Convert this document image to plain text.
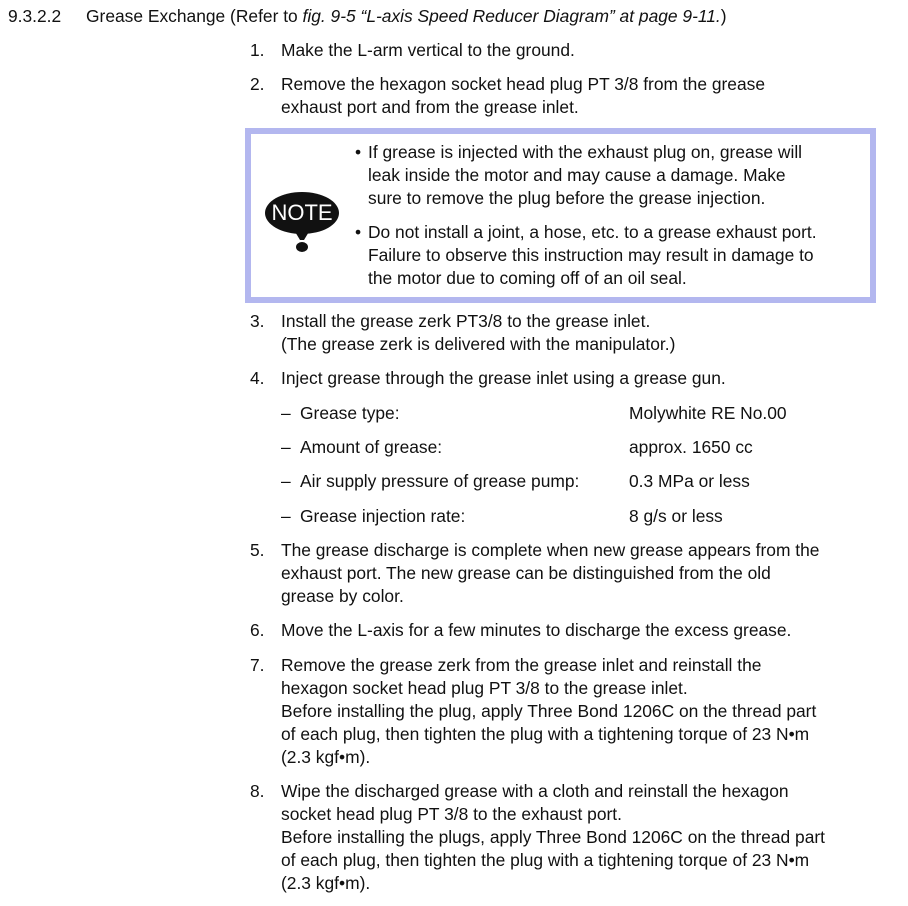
9.3.2.2 Grease Exchange (Refer to fig. 9-5 “L-axis Speed Reducer Diagram” at page 9-11.)
1. Make the L-arm vertical to the ground.
2. Remove the hexagon socket head plug PT 3/8 from the grease
exhaust port and from the grease inlet.
NOTE
• If grease is injected with the exhaust plug on, grease will
leak inside the motor and may cause a damage. Make
sure to remove the plug before the grease injection.
• Do not install a joint, a hose, etc. to a grease exhaust port.
Failure to observe this instruction may result in damage to
the motor due to coming off of an oil seal.
3. Install the grease zerk PT3/8 to the grease inlet.
(The grease zerk is delivered with the manipulator.)
4. Inject grease through the grease inlet using a grease gun.
– Grease type:	Molywhite RE No.00
– Amount of grease:	approx. 1650 cc
– Air supply pressure of grease pump:	0.3 MPa or less
– Grease injection rate:	8 g/s or less
5. The grease discharge is complete when new grease appears from the
exhaust port. The new grease can be distinguished from the old
grease by color.
6. Move the L-axis for a few minutes to discharge the excess grease.
7. Remove the grease zerk from the grease inlet and reinstall the
hexagon socket head plug PT 3/8 to the grease inlet.
Before installing the plug, apply Three Bond 1206C on the thread part
of each plug, then tighten the plug with a tightening torque of 23 N•m
(2.3 kgf•m).
8. Wipe the discharged grease with a cloth and reinstall the hexagon
socket head plug PT 3/8 to the exhaust port.
Before installing the plugs, apply Three Bond 1206C on the thread part
of each plug, then tighten the plug with a tightening torque of 23 N•m
(2.3 kgf•m).
